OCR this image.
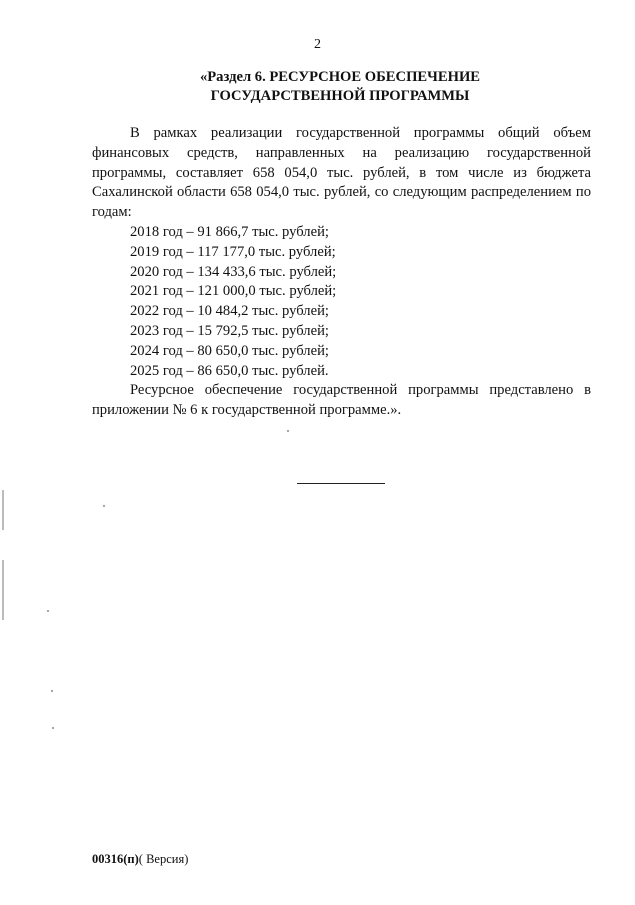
2
«Раздел 6. РЕСУРСНОЕ ОБЕСПЕЧЕНИЕ
ГОСУДАРСТВЕННОЙ ПРОГРАММЫ

В рамках реализации государственной программы общий объем финансовых средств, направленных на реализацию государственной программы, составляет 658 054,0 тыс. рублей, в том числе из бюджета Сахалинской области 658 054,0 тыс. рублей, со следующим распределением по годам:

2018 год – 91 866,7 тыс. рублей;
2019 год – 117 177,0 тыс. рублей;
2020 год – 134 433,6 тыс. рублей;
2021 год – 121 000,0 тыс. рублей;
2022 год – 10 484,2 тыс. рублей;
2023 год – 15 792,5 тыс. рублей;
2024 год – 80 650,0 тыс. рублей;
2025 год – 86 650,0 тыс. рублей.

Ресурсное обеспечение государственной программы представлено в приложении № 6 к государственной программе.».

00316(п)( Версия)
